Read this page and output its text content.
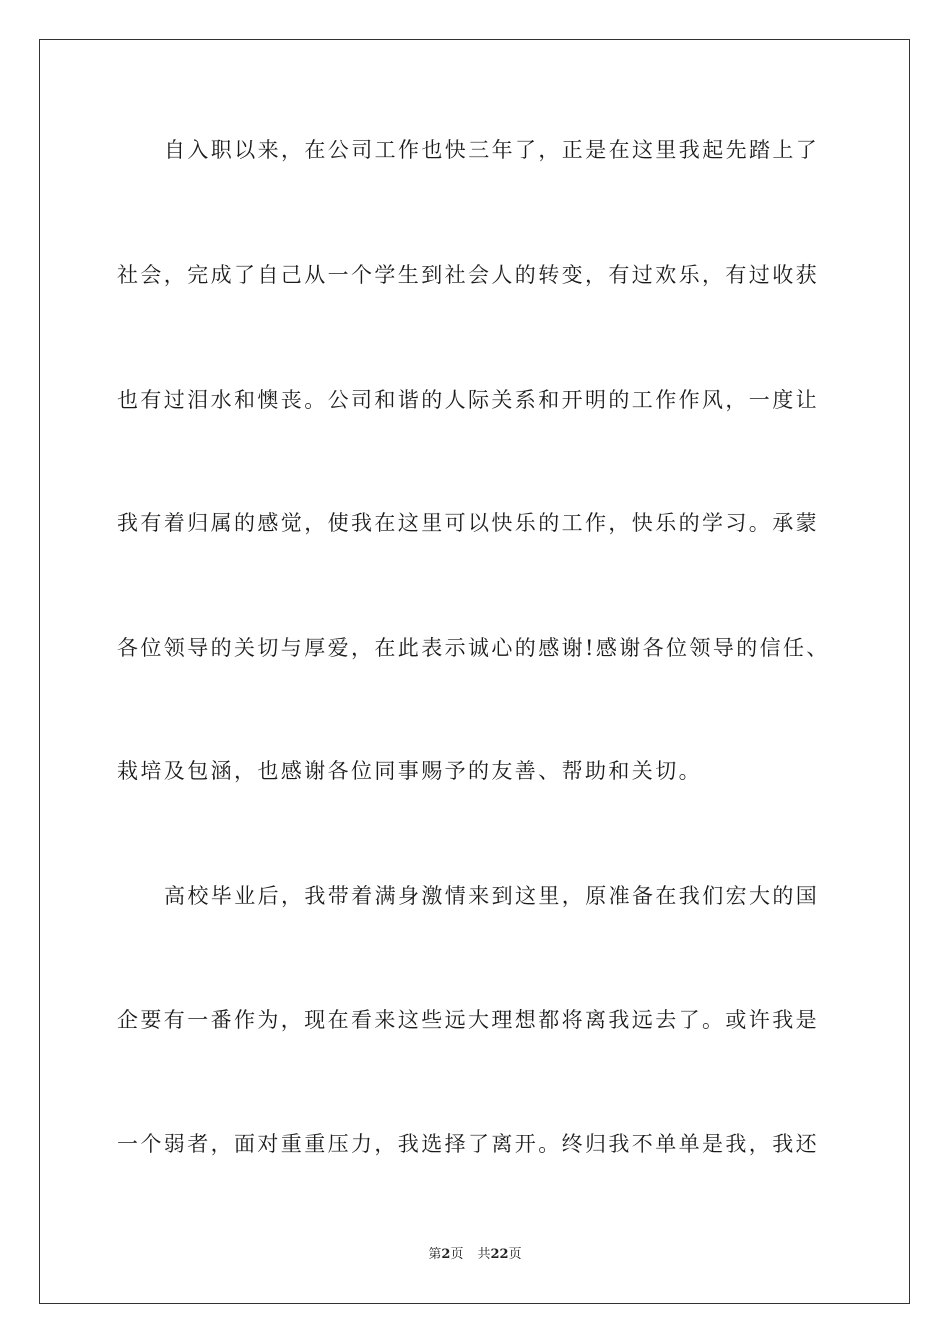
自入职以来，在公司工作也快三年了，正是在这里我起先踏上了
社会，完成了自己从一个学生到社会人的转变，有过欢乐，有过收获
也有过泪水和懊丧。公司和谐的人际关系和开明的工作作风，一度让
我有着归属的感觉，使我在这里可以快乐的工作，快乐的学习。承蒙
各位领导的关切与厚爱，在此表示诚心的感谢!感谢各位领导的信任、
栽培及包涵，也感谢各位同事赐予的友善、帮助和关切。
高校毕业后，我带着满身激情来到这里，原准备在我们宏大的国
企要有一番作为，现在看来这些远大理想都将离我远去了。或许我是
一个弱者，面对重重压力，我选择了离开。终归我不单单是我，我还
第2页 共22页
